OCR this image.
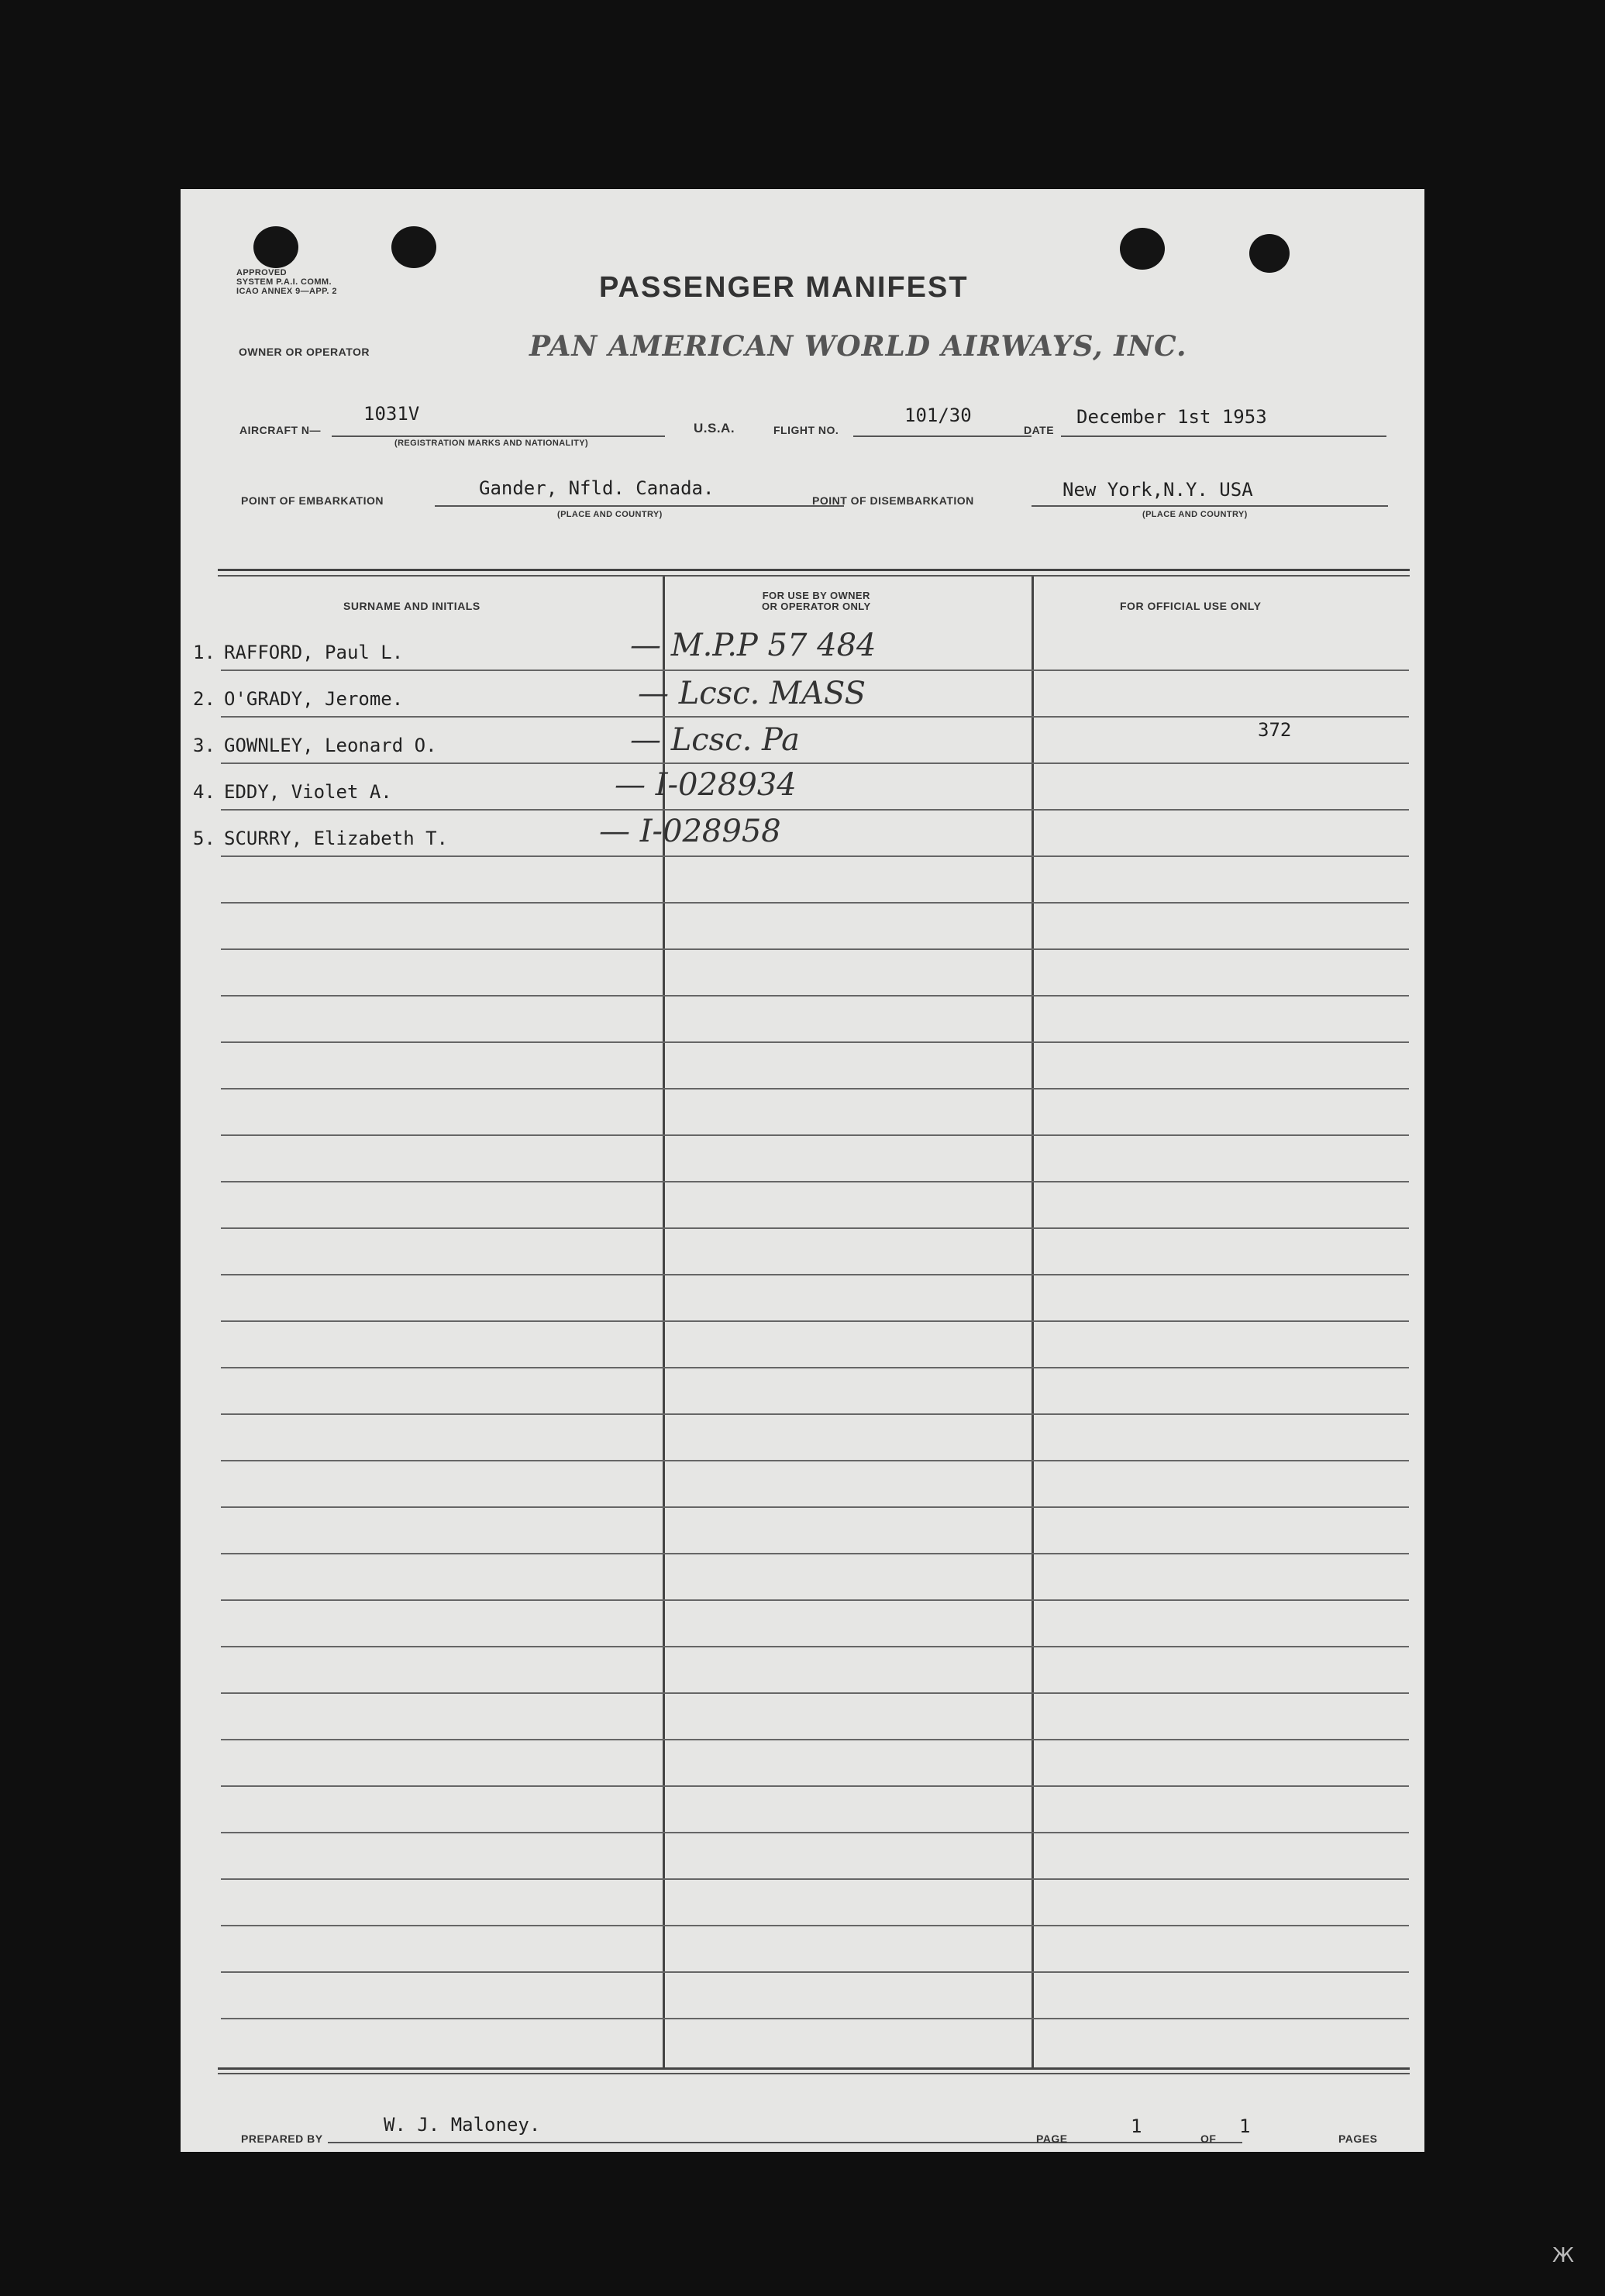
APPROVED
SYSTEM P.A.I. COMM.
ICAO ANNEX 9—APP. 2	PASSENGER MANIFEST
OWNER OR OPERATOR	PAN AMERICAN WORLD AIRWAYS, INC.
AIRCRAFT N—
1031V
(REGISTRATION MARKS AND NATIONALITY)
U.S.A.	FLIGHT NO.
101/30
DATE
December 1st 1953
POINT OF EMBARKATION
Gander, Nfld. Canada.
(PLACE AND COUNTRY)
POINT OF DISEMBARKATION	New York,N.Y. USA
(PLACE AND COUNTRY)
SURNAME AND INITIALS
FOR USE BY OWNER
OR OPERATOR ONLY	FOR OFFICIAL USE ONLY
1. RAFFORD, Paul L.	— M.P.P 57 484
2. O'GRADY, Jerome.	— Lcsc. MASS
3. GOWNLEY, Leonard O.	— Lcsc. Pa	372
4. EDDY, Violet A.	— I-028934
5. SCURRY, Elizabeth T.	— I-028958
PREPARED BY
W. J. Maloney.
PAGE
1
OF
1
PAGES
Ж
